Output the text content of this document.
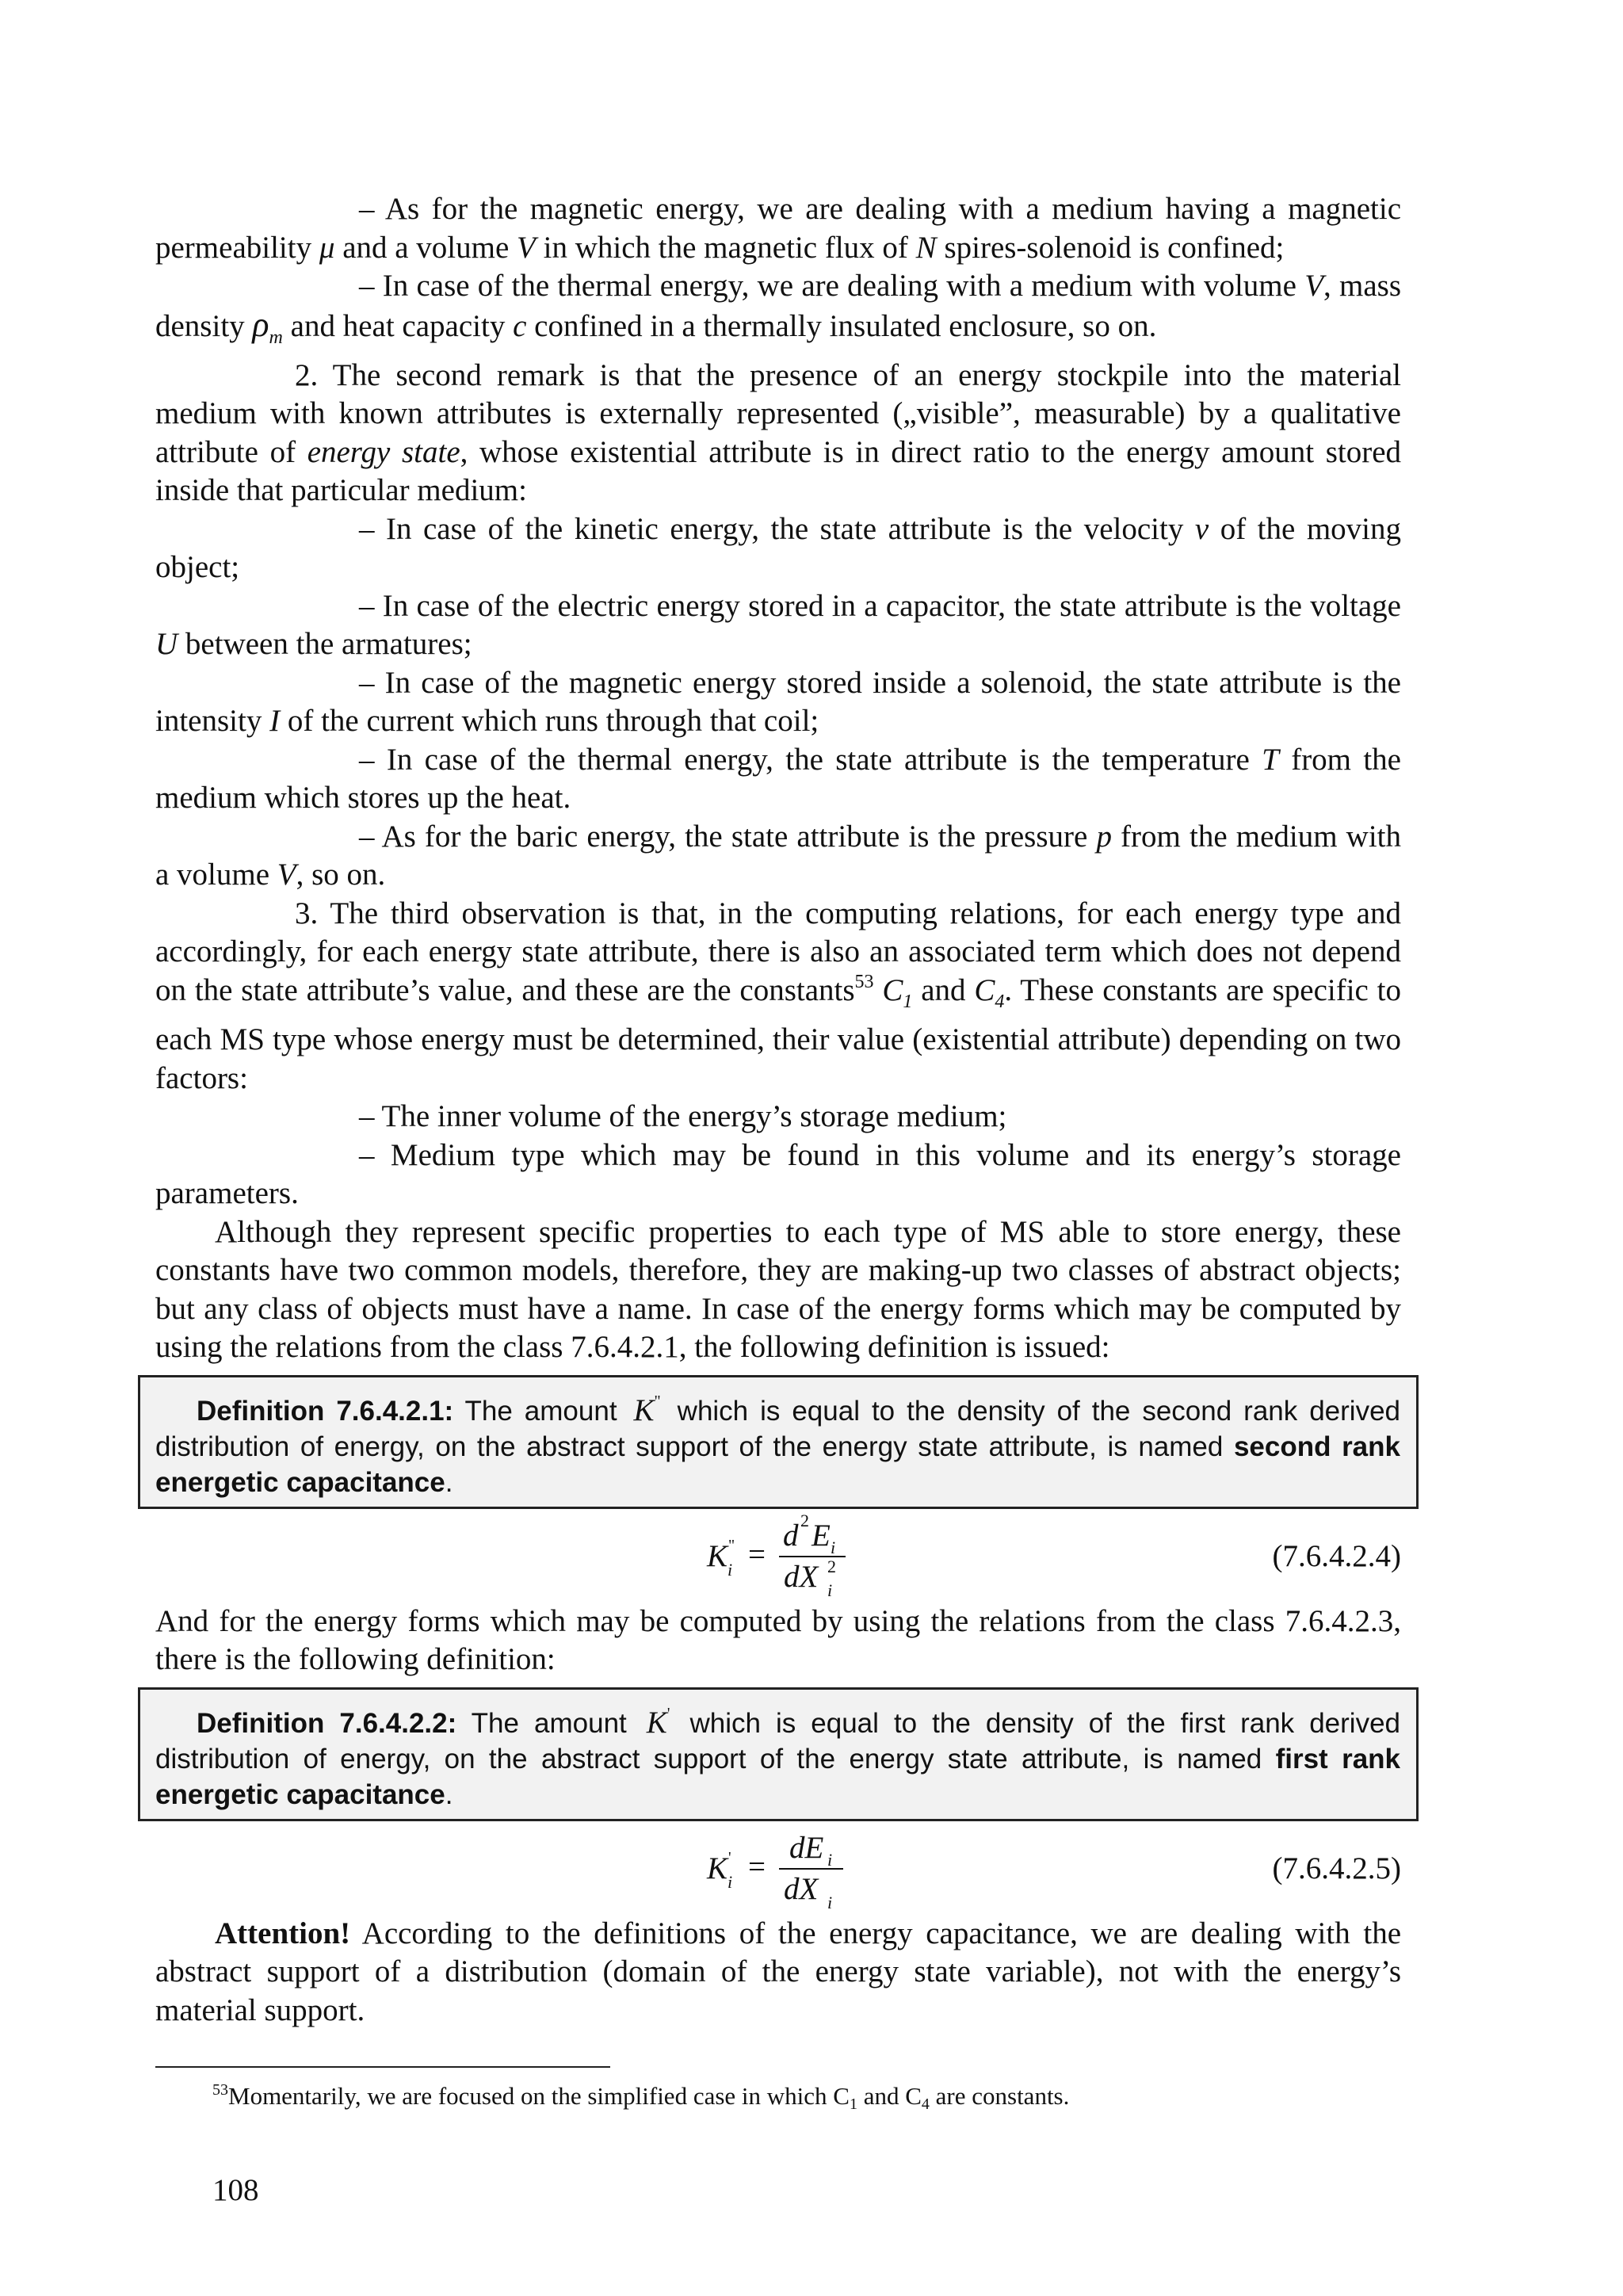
– As for the magnetic energy, we are dealing with a medium having a magnetic permeability μ and a volume V in which the magnetic flux of N spires-solenoid is confined;

– In case of the thermal energy, we are dealing with a medium with volume V, mass density $\rho_m$ and heat capacity c confined in a thermally insulated enclosure, so on.

2. The second remark is that the presence of an energy stockpile into the material medium with known attributes is externally represented („visible”, measurable) by a qualitative attribute of energy state, whose existential attribute is in direct ratio to the energy amount stored inside that particular medium:

– In case of the kinetic energy, the state attribute is the velocity v of the moving object;

– In case of the electric energy stored in a capacitor, the state attribute is the voltage U between the armatures;

– In case of the magnetic energy stored inside a solenoid, the state attribute is the intensity I of the current which runs through that coil;

– In case of the thermal energy, the state attribute is the temperature T from the medium which stores up the heat.

– As for the baric energy, the state attribute is the pressure p from the medium with a volume V, so on.

3. The third observation is that, in the computing relations, for each energy type and accordingly, for each energy state attribute, there is also an associated term which does not depend on the state attribute’s value, and these are the constants$^{53}$ $C_1$ and $C_4$. These constants are specific to each MS type whose energy must be determined, their value (existential attribute) depending on two factors:

– The inner volume of the energy’s storage medium;

– Medium type which may be found in this volume and its energy’s storage parameters.

Although they represent specific properties to each type of MS able to store energy, these constants have two common models, therefore, they are making-up two classes of abstract objects; but any class of objects must have a name. In case of the energy forms which may be computed by using the relations from the class 7.6.4.2.1, the following definition is issued:

Definition 7.6.4.2.1: The amount K" which is equal to the density of the second rank derived distribution of energy, on the abstract support of the energy state attribute, is named second rank energetic capacitance.
K "
i =
d 2 E i
dX 2
i
(7.6.4.2.4)

And for the energy forms which may be computed by using the relations from the class 7.6.4.2.3, there is the following definition:

Definition 7.6.4.2.2: The amount K' which is equal to the density of the first rank derived distribution of energy, on the abstract support of the energy state attribute, is named first rank energetic capacitance.
K '
i =
dE i
dX i
(7.6.4.2.5)

Attention! According to the definitions of the energy capacitance, we are dealing with the abstract support of a distribution (domain of the energy state variable), not with the energy’s material support.

$^{53}$Momentarily, we are focused on the simplified case in which $C_1$ and $C_4$ are constants.
108
